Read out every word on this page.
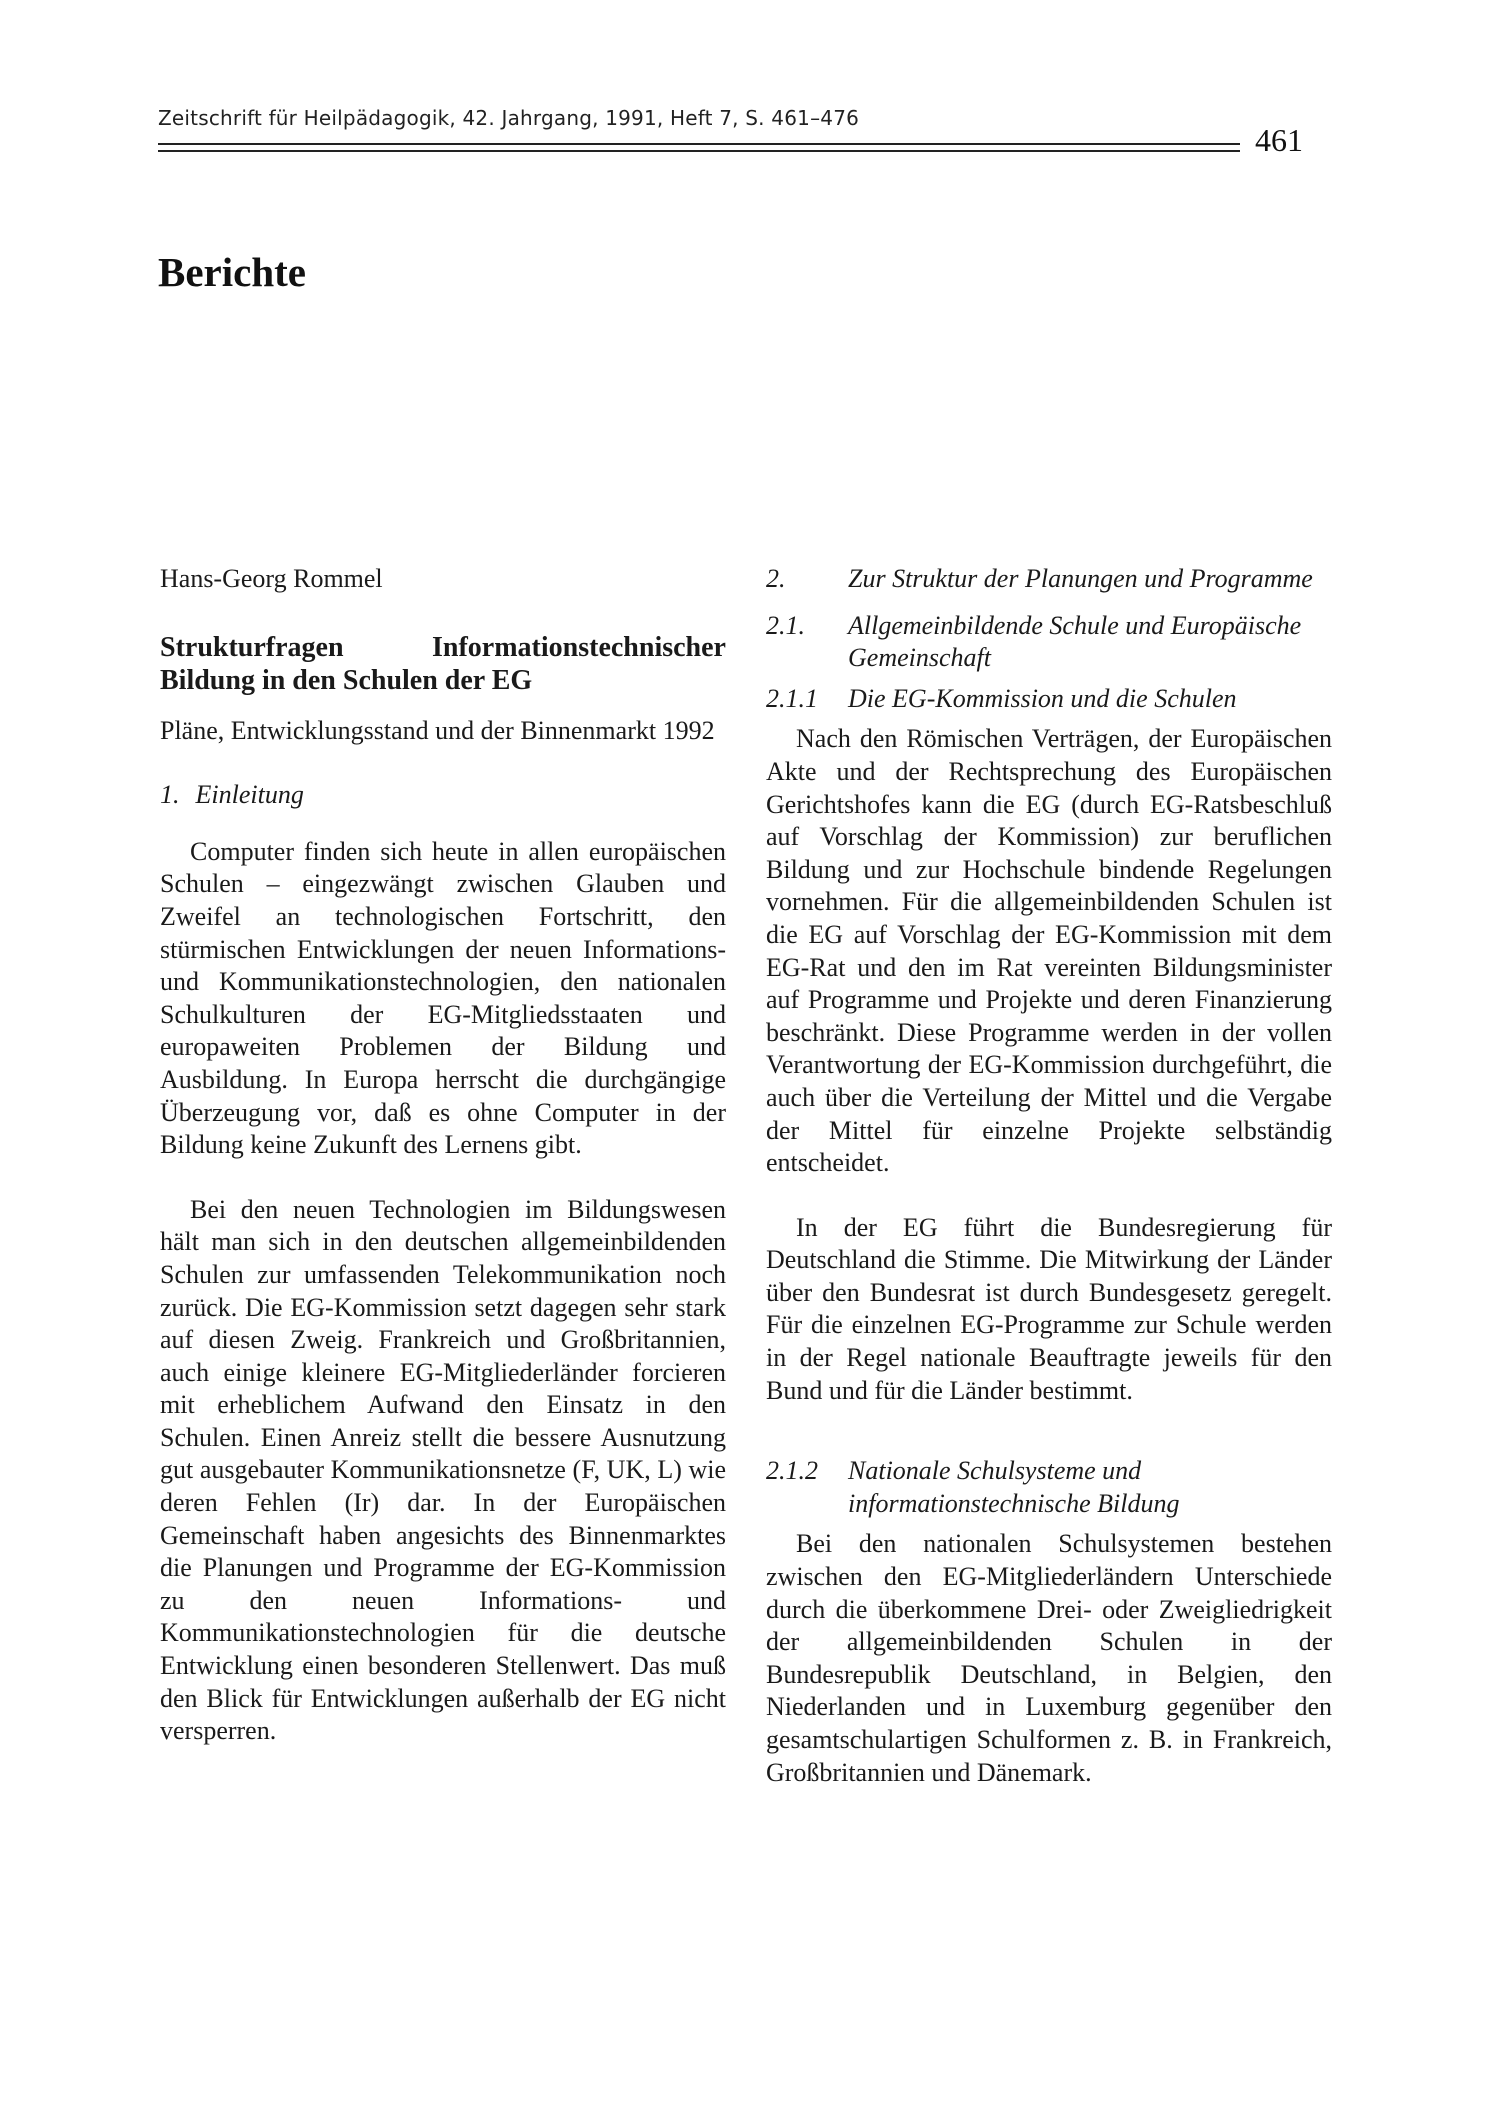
Zeitschrift für Heilpädagogik, 42. Jahrgang, 1991, Heft 7, S. 461–476
461
Berichte

Hans-Georg Rommel

Strukturfragen Informationstechnischer Bildung in den Schulen der EG

Pläne, Entwicklungsstand und der Binnenmarkt 1992

1. Einleitung

Computer finden sich heute in allen europäischen Schulen – eingezwängt zwischen Glauben und Zweifel an technologischen Fortschritt, den stürmischen Entwicklungen der neuen Informations- und Kommunikationstechnologien, den nationalen Schulkulturen der EG-Mitgliedsstaaten und europaweiten Problemen der Bildung und Ausbildung. In Europa herrscht die durchgängige Überzeugung vor, daß es ohne Computer in der Bildung keine Zukunft des Lernens gibt.

Bei den neuen Technologien im Bildungswesen hält man sich in den deutschen allgemeinbildenden Schulen zur umfassenden Telekommunikation noch zurück. Die EG-Kommission setzt dagegen sehr stark auf diesen Zweig. Frankreich und Großbritannien, auch einige kleinere EG-Mitgliederländer forcieren mit erheblichem Aufwand den Einsatz in den Schulen. Einen Anreiz stellt die bessere Ausnutzung gut ausgebauter Kommunikationsnetze (F, UK, L) wie deren Fehlen (Ir) dar. In der Europäischen Gemeinschaft haben angesichts des Binnenmarktes die Planungen und Programme der EG-Kommission zu den neuen Informations- und Kommunikationstechnologien für die deutsche Entwicklung einen besonderen Stellenwert. Das muß den Blick für Entwicklungen außerhalb der EG nicht versperren.

2.	Zur Struktur der Planungen und Programme
2.1.	Allgemeinbildende Schule und Europäische Gemeinschaft
2.1.1	Die EG-Kommission und die Schulen

Nach den Römischen Verträgen, der Europäischen Akte und der Rechtsprechung des Europäischen Gerichtshofes kann die EG (durch EG-Ratsbeschluß auf Vorschlag der Kommission) zur beruflichen Bildung und zur Hochschule bindende Regelungen vornehmen. Für die allgemeinbildenden Schulen ist die EG auf Vorschlag der EG-Kommission mit dem EG-Rat und den im Rat vereinten Bildungsminister auf Programme und Projekte und deren Finanzierung beschränkt. Diese Programme werden in der vollen Verantwortung der EG-Kommission durchgeführt, die auch über die Verteilung der Mittel und die Vergabe der Mittel für einzelne Projekte selbständig entscheidet.

In der EG führt die Bundesregierung für Deutschland die Stimme. Die Mitwirkung der Länder über den Bundesrat ist durch Bundesgesetz geregelt. Für die einzelnen EG-Programme zur Schule werden in der Regel nationale Beauftragte jeweils für den Bund und für die Länder bestimmt.

2.1.2	Nationale Schulsysteme und informationstechnische Bildung

Bei den nationalen Schulsystemen bestehen zwischen den EG-Mitgliederländern Unterschiede durch die überkommene Drei- oder Zweigliedrigkeit der allgemeinbildenden Schulen in der Bundesrepublik Deutschland, in Belgien, den Niederlanden und in Luxemburg gegenüber den gesamtschulartigen Schulformen z. B. in Frankreich, Großbritannien und Dänemark.
